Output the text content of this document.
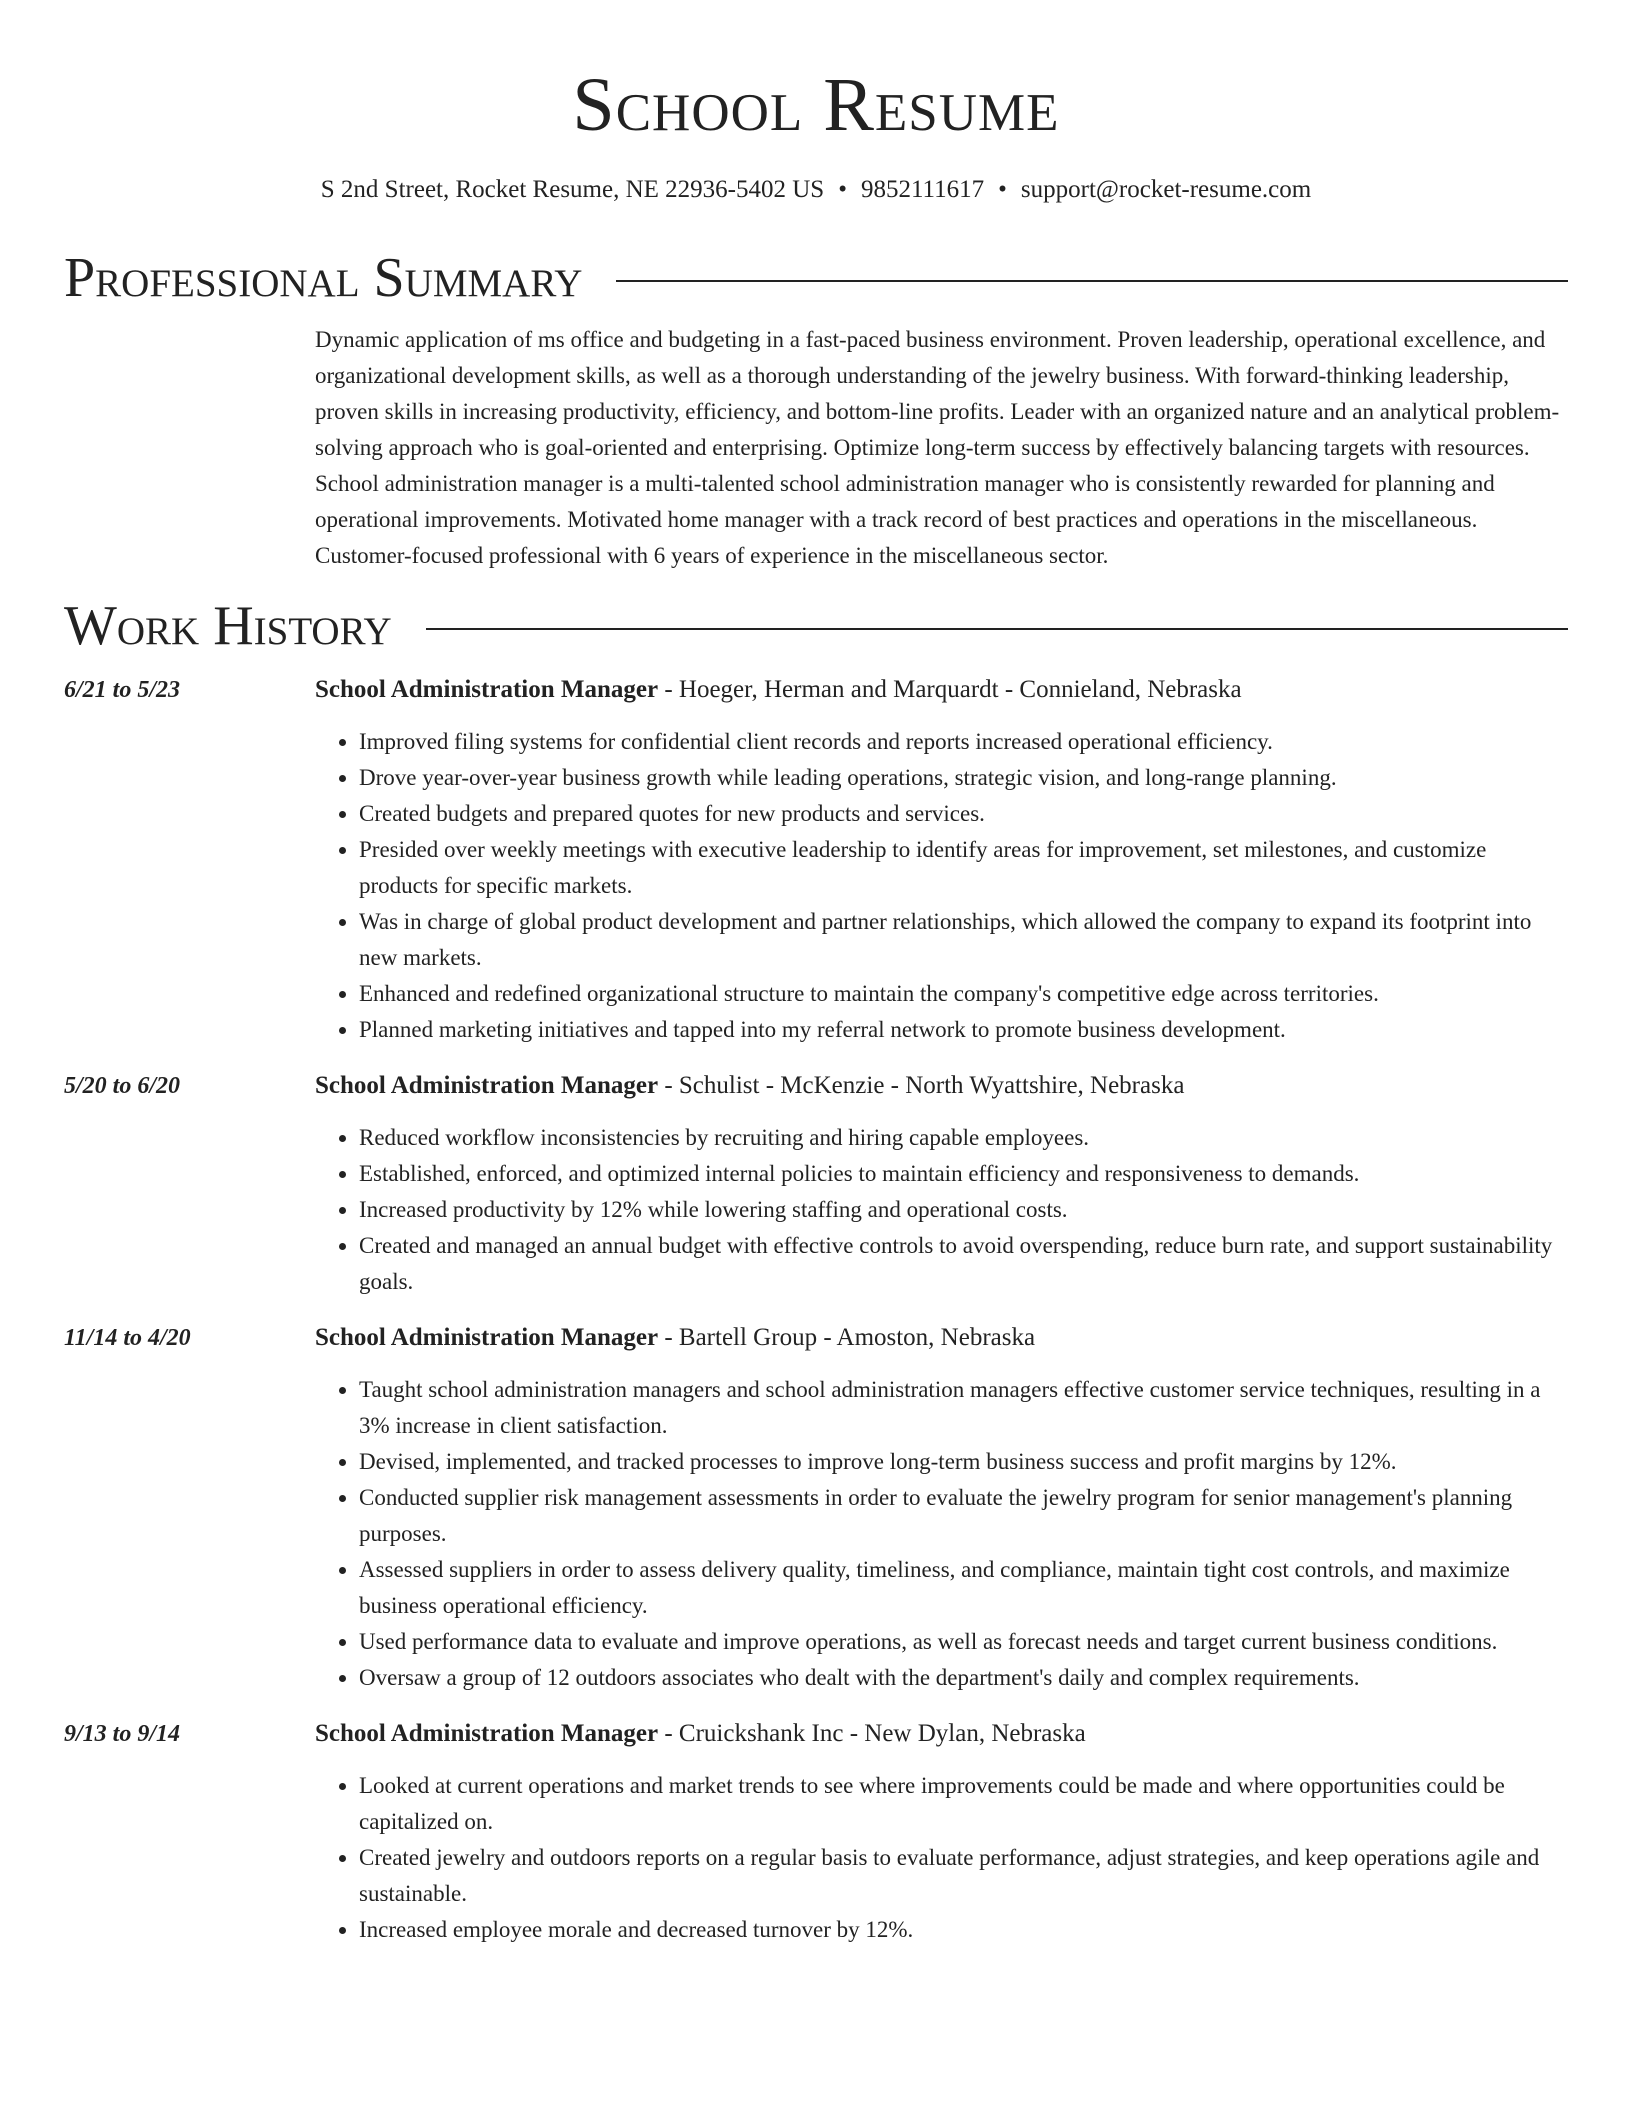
School Resume
S 2nd Street, Rocket Resume, NE 22936-5402 US • 9852111617 • support@rocket-resume.com
Professional Summary
Dynamic application of ms office and budgeting in a fast-paced business environment. Proven leadership, operational excellence, and organizational development skills, as well as a thorough understanding of the jewelry business. With forward-thinking leadership, proven skills in increasing productivity, efficiency, and bottom-line profits. Leader with an organized nature and an analytical problem-solving approach who is goal-oriented and enterprising. Optimize long-term success by effectively balancing targets with resources. School administration manager is a multi-talented school administration manager who is consistently rewarded for planning and operational improvements. Motivated home manager with a track record of best practices and operations in the miscellaneous. Customer-focused professional with 6 years of experience in the miscellaneous sector.
Work History
6/21 to 5/23	School Administration Manager - Hoeger, Herman and Marquardt - Connieland, Nebraska
• Improved filing systems for confidential client records and reports increased operational efficiency.
• Drove year-over-year business growth while leading operations, strategic vision, and long-range planning.
• Created budgets and prepared quotes for new products and services.
• Presided over weekly meetings with executive leadership to identify areas for improvement, set milestones, and customize products for specific markets.
• Was in charge of global product development and partner relationships, which allowed the company to expand its footprint into new markets.
• Enhanced and redefined organizational structure to maintain the company's competitive edge across territories.
• Planned marketing initiatives and tapped into my referral network to promote business development.
5/20 to 6/20	School Administration Manager - Schulist - McKenzie - North Wyattshire, Nebraska
• Reduced workflow inconsistencies by recruiting and hiring capable employees.
• Established, enforced, and optimized internal policies to maintain efficiency and responsiveness to demands.
• Increased productivity by 12% while lowering staffing and operational costs.
• Created and managed an annual budget with effective controls to avoid overspending, reduce burn rate, and support sustainability goals.
11/14 to 4/20	School Administration Manager - Bartell Group - Amoston, Nebraska
• Taught school administration managers and school administration managers effective customer service techniques, resulting in a 3% increase in client satisfaction.
• Devised, implemented, and tracked processes to improve long-term business success and profit margins by 12%.
• Conducted supplier risk management assessments in order to evaluate the jewelry program for senior management's planning purposes.
• Assessed suppliers in order to assess delivery quality, timeliness, and compliance, maintain tight cost controls, and maximize business operational efficiency.
• Used performance data to evaluate and improve operations, as well as forecast needs and target current business conditions.
• Oversaw a group of 12 outdoors associates who dealt with the department's daily and complex requirements.
9/13 to 9/14	School Administration Manager - Cruickshank Inc - New Dylan, Nebraska
• Looked at current operations and market trends to see where improvements could be made and where opportunities could be capitalized on.
• Created jewelry and outdoors reports on a regular basis to evaluate performance, adjust strategies, and keep operations agile and sustainable.
• Increased employee morale and decreased turnover by 12%.
